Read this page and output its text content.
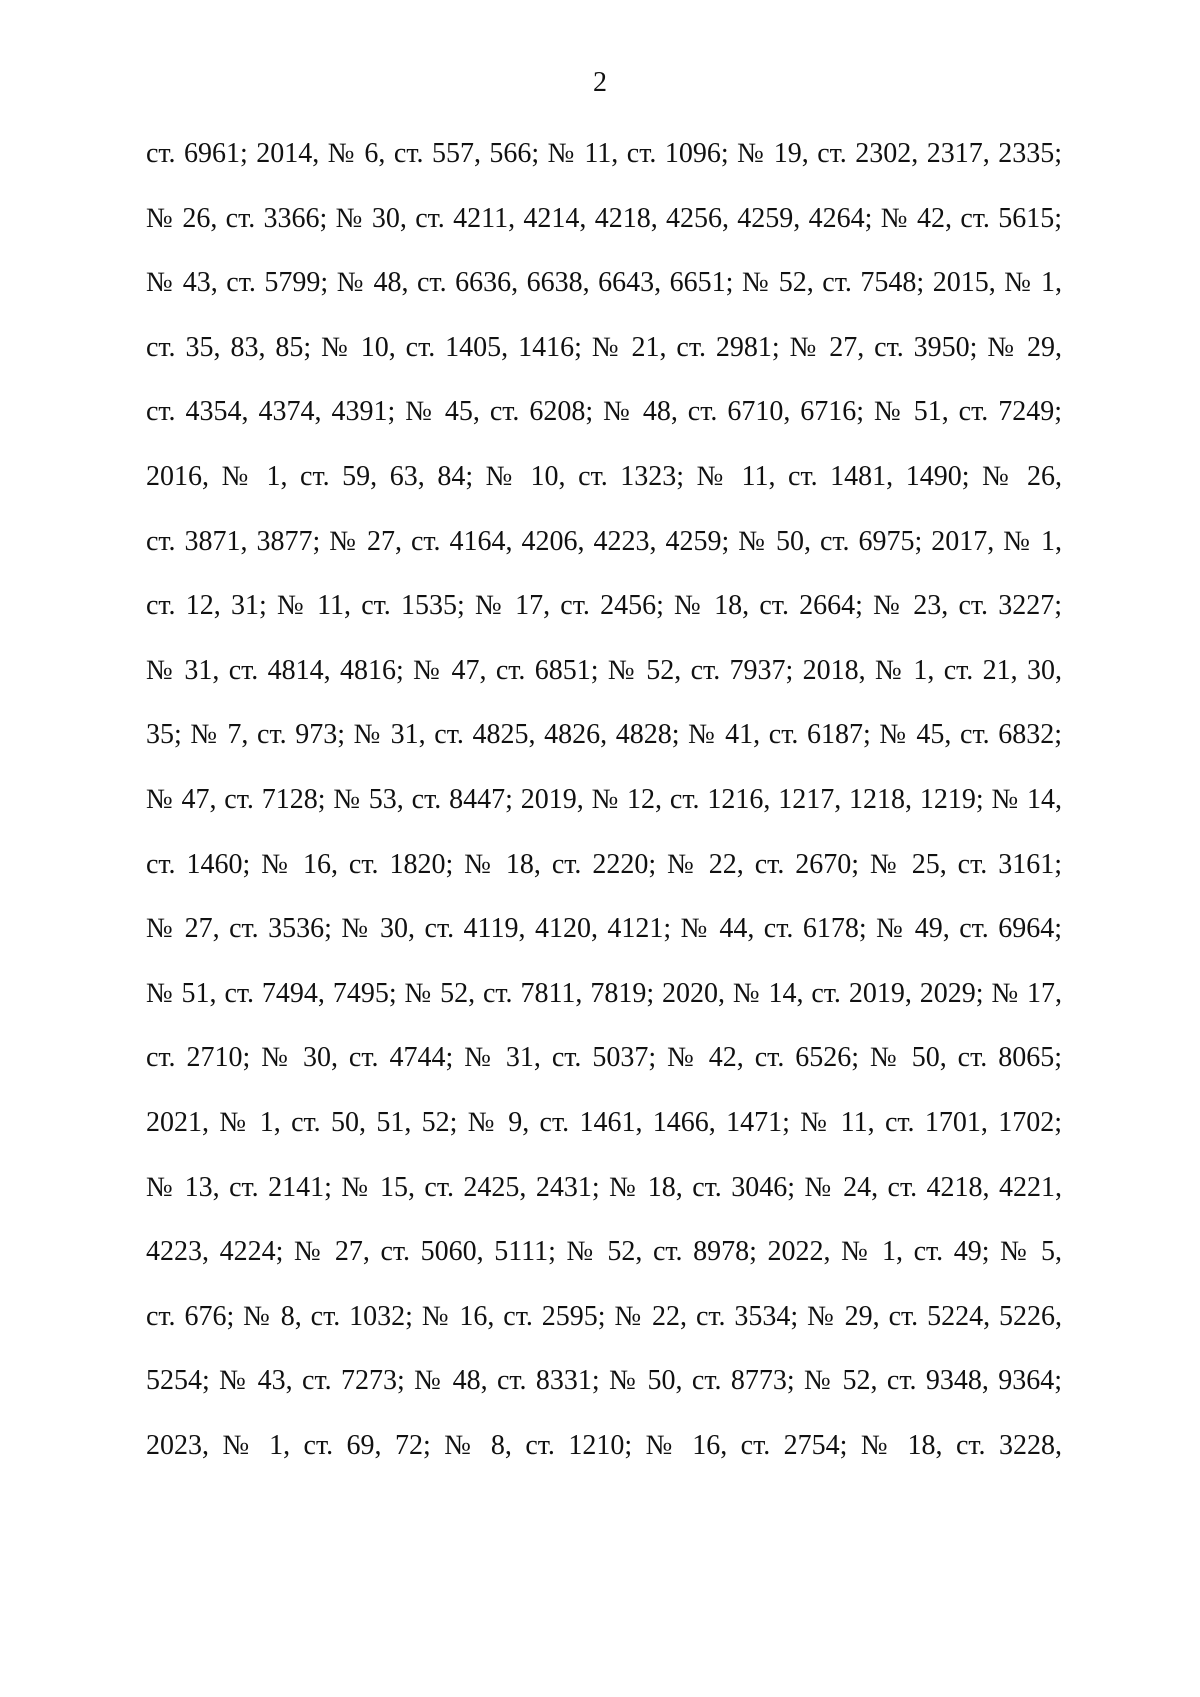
2
ст. 6961; 2014, № 6, ст. 557, 566; № 11, ст. 1096; № 19, ст. 2302, 2317, 2335;
№ 26, ст. 3366; № 30, ст. 4211, 4214, 4218, 4256, 4259, 4264; № 42, ст. 5615;
№ 43, ст. 5799; № 48, ст. 6636, 6638, 6643, 6651; № 52, ст. 7548; 2015, № 1,
ст. 35, 83, 85; № 10, ст. 1405, 1416; № 21, ст. 2981; № 27, ст. 3950; № 29,
ст. 4354, 4374, 4391; № 45, ст. 6208; № 48, ст. 6710, 6716; № 51, ст. 7249;
2016, № 1, ст. 59, 63, 84; № 10, ст. 1323; № 11, ст. 1481, 1490; № 26,
ст. 3871, 3877; № 27, ст. 4164, 4206, 4223, 4259; № 50, ст. 6975; 2017, № 1,
ст. 12, 31; № 11, ст. 1535; № 17, ст. 2456; № 18, ст. 2664; № 23, ст. 3227;
№ 31, ст. 4814, 4816; № 47, ст. 6851; № 52, ст. 7937; 2018, № 1, ст. 21, 30,
35; № 7, ст. 973; № 31, ст. 4825, 4826, 4828; № 41, ст. 6187; № 45, ст. 6832;
№ 47, ст. 7128; № 53, ст. 8447; 2019, № 12, ст. 1216, 1217, 1218, 1219; № 14,
ст. 1460; № 16, ст. 1820; № 18, ст. 2220; № 22, ст. 2670; № 25, ст. 3161;
№ 27, ст. 3536; № 30, ст. 4119, 4120, 4121; № 44, ст. 6178; № 49, ст. 6964;
№ 51, ст. 7494, 7495; № 52, ст. 7811, 7819; 2020, № 14, ст. 2019, 2029; № 17,
ст. 2710; № 30, ст. 4744; № 31, ст. 5037; № 42, ст. 6526; № 50, ст. 8065;
2021, № 1, ст. 50, 51, 52; № 9, ст. 1461, 1466, 1471; № 11, ст. 1701, 1702;
№ 13, ст. 2141; № 15, ст. 2425, 2431; № 18, ст. 3046; № 24, ст. 4218, 4221,
4223, 4224; № 27, ст. 5060, 5111; № 52, ст. 8978; 2022, № 1, ст. 49; № 5,
ст. 676; № 8, ст. 1032; № 16, ст. 2595; № 22, ст. 3534; № 29, ст. 5224, 5226,
5254; № 43, ст. 7273; № 48, ст. 8331; № 50, ст. 8773; № 52, ст. 9348, 9364;
2023, № 1, ст. 69, 72; № 8, ст. 1210; № 16, ст. 2754; № 18, ст. 3228,
